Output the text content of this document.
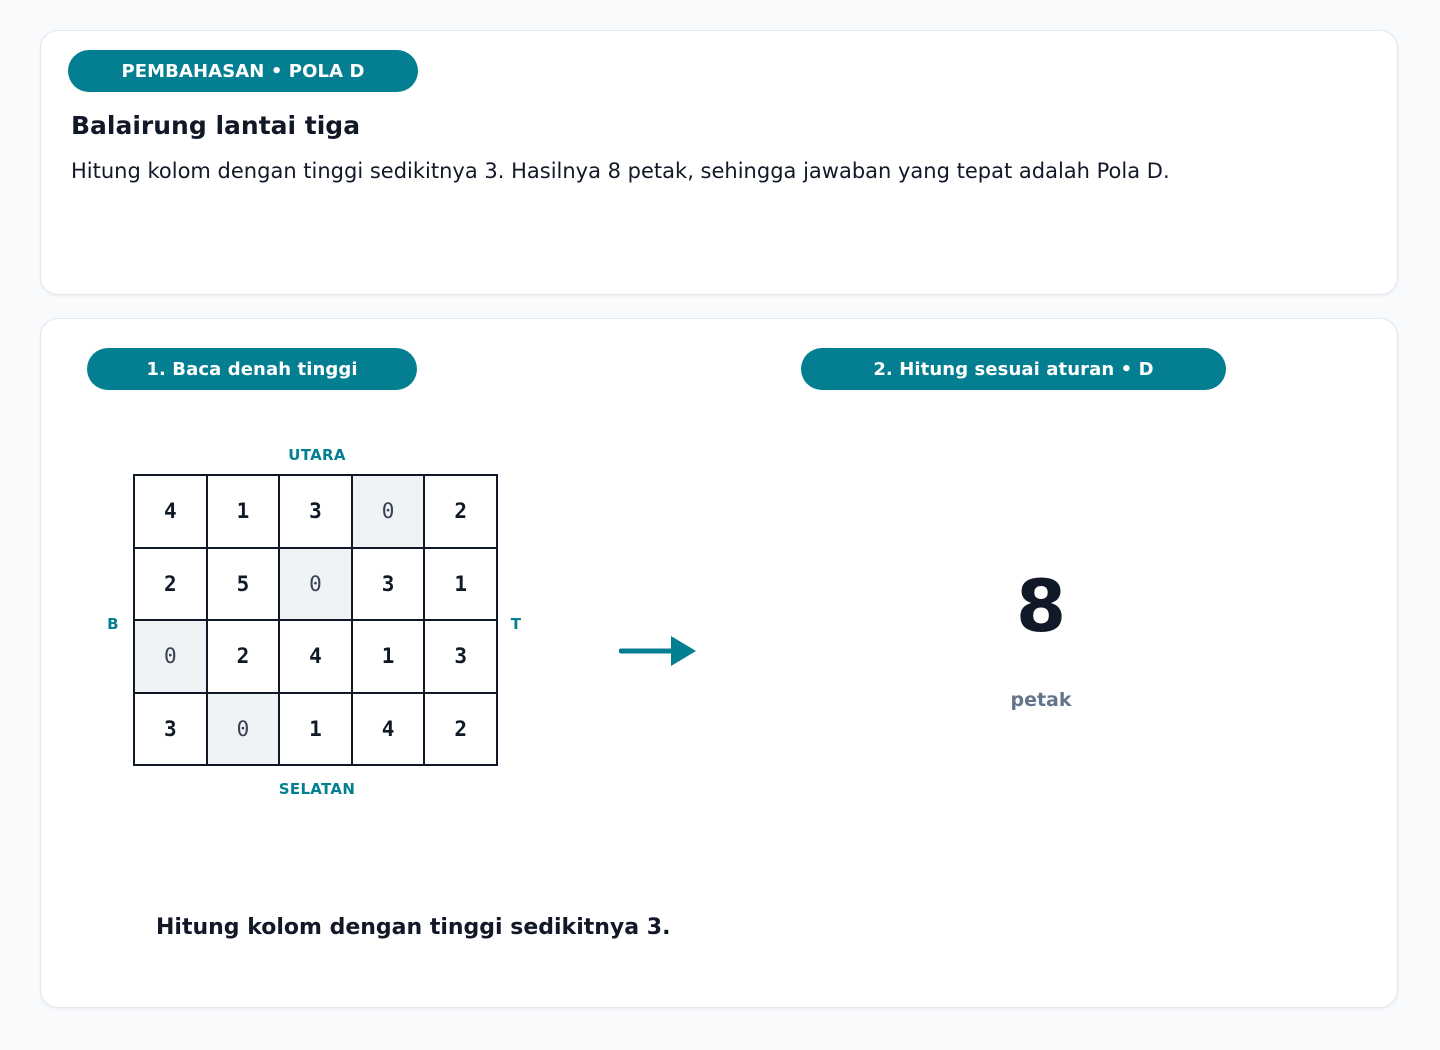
PEMBAHASAN • POLA D
Balairung lantai tiga
Hitung kolom dengan tinggi sedikitnya 3. Hasilnya 8 petak, sehingga jawaban yang tepat adalah Pola D.
1. Baca denah tinggi	2. Hitung sesuai aturan • D
UTARA
SELATAN
B	T
4	1	3	0	2
2	5	0	3	1
0	2	4	1	3
3	0	1	4	2
8
petak
Hitung kolom dengan tinggi sedikitnya 3.
